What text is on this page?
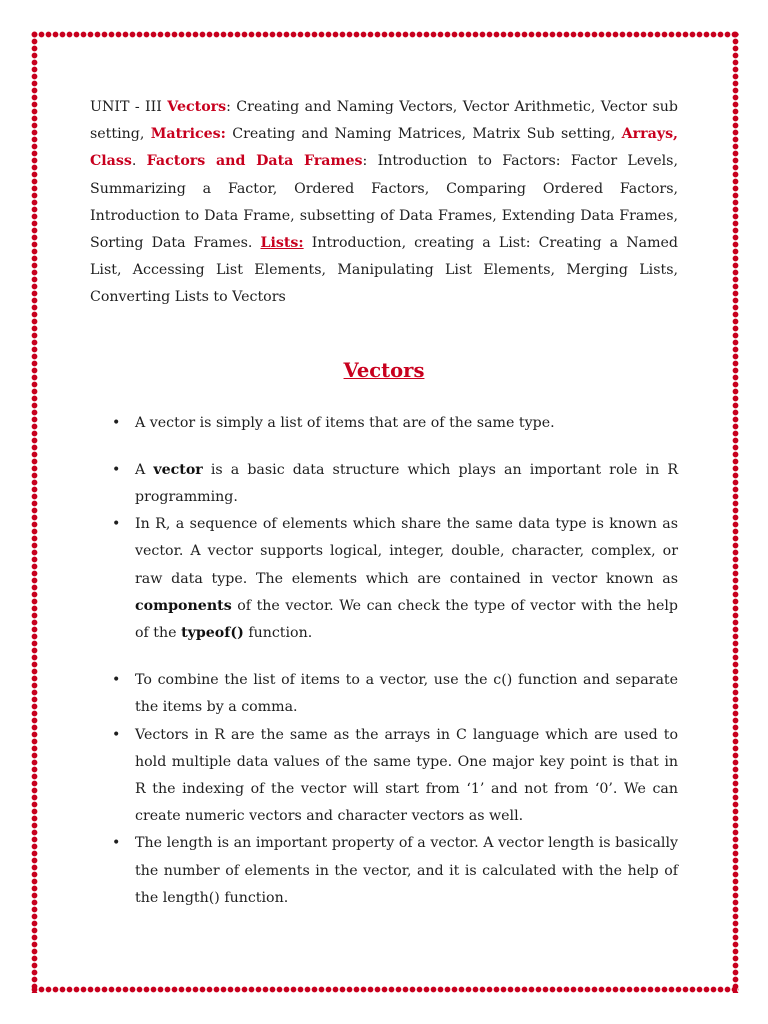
UNIT - III Vectors: Creating and Naming Vectors, Vector Arithmetic, Vector sub setting, Matrices: Creating and Naming Matrices, Matrix Sub setting, Arrays, Class. Factors and Data Frames: Introduction to Factors: Factor Levels, Summarizing a Factor, Ordered Factors, Comparing Ordered Factors, Introduction to Data Frame, subsetting of Data Frames, Extending Data Frames, Sorting Data Frames. Lists: Introduction, creating a List: Creating a Named List, Accessing List Elements, Manipulating List Elements, Merging Lists, Converting Lists to Vectors

Vectors
• A vector is simply a list of items that are of the same type.
• A vector is a basic data structure which plays an important role in R programming.
• In R, a sequence of elements which share the same data type is known as vector. A vector supports logical, integer, double, character, complex, or raw data type. The elements which are contained in vector known as components of the vector. We can check the type of vector with the help of the typeof() function.
• To combine the list of items to a vector, use the c() function and separate the items by a comma.
• Vectors in R are the same as the arrays in C language which are used to hold multiple data values of the same type. One major key point is that in R the indexing of the vector will start from ‘1’ and not from ‘0’. We can create numeric vectors and character vectors as well.
• The length is an important property of a vector. A vector length is basically the number of elements in the vector, and it is calculated with the help of the length() function.
